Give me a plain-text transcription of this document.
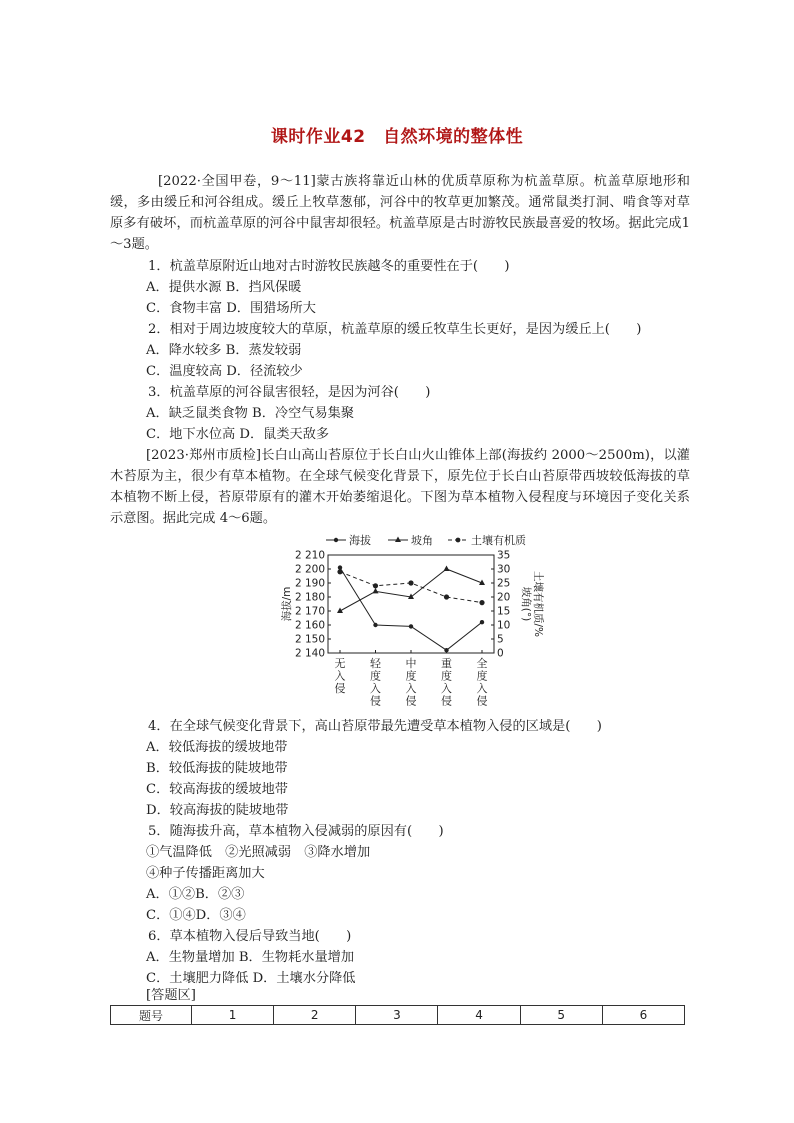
课时作业42　自然环境的整体性
[2022·全国甲卷，9～11]蒙古族将靠近山林的优质草原称为杭盖草原。杭盖草原地形和缓，多由缓丘和河谷组成。缓丘上牧草葱郁，河谷中的牧草更加繁茂。通常鼠类打洞、啃食等对草原多有破坏，而杭盖草原的河谷中鼠害却很轻。杭盖草原是古时游牧民族最喜爱的牧场。据此完成1～3题。
1．杭盖草原附近山地对古时游牧民族越冬的重要性在于(　　)
A．提供水源 B．挡风保暖
C．食物丰富 D．围猎场所大
2．相对于周边坡度较大的草原，杭盖草原的缓丘牧草生长更好，是因为缓丘上(　　)
A．降水较多 B．蒸发较弱
C．温度较高 D．径流较少
3．杭盖草原的河谷鼠害很轻，是因为河谷(　　)
A．缺乏鼠类食物 B．冷空气易集聚
C．地下水位高 D．鼠类天敌多
[2023·郑州市质检]长白山高山苔原位于长白山火山锥体上部(海拔约 2000～2500m)，以灌木苔原为主，很少有草本植物。在全球气候变化背景下，原先位于长白山苔原带西坡较低海拔的草本植物不断上侵，苔原带原有的灌木开始萎缩退化。下图为草本植物入侵程度与环境因子变化关系示意图。据此完成 4～6题。
海拔	坡角	土壤有机质
海拔/m	坡角(°) 土壤有机质/%
2 210
2 200
2 190
2 180
2 170
2 160
2 150
2 140
35
30
25
20
15
10
5
0
无入侵
轻度入侵
中度入侵
重度入侵
全度入侵
4．在全球气候变化背景下，高山苔原带最先遭受草本植物入侵的区域是(　　)
A．较低海拔的缓坡地带
B．较低海拔的陡坡地带
C．较高海拔的缓坡地带
D．较高海拔的陡坡地带
5．随海拔升高，草本植物入侵减弱的原因有(　　)
①气温降低　②光照减弱　③降水增加
④种子传播距离加大
A．①②B．②③
C．①④D．③④
6．草本植物入侵后导致当地(　　)
A．生物量增加 B．生物耗水量增加
C．土壤肥力降低 D．土壤水分降低
[答题区]
题号	1	2	3	4	5	6
